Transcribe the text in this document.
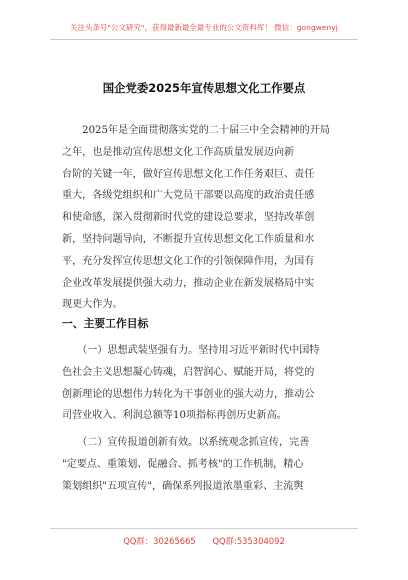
关注头条号"公文研究"，获得最新最全最专业的公文资料库！ 微信：gongwenyj
国企党委2025年宣传思想文化工作要点
　　2025年是全面贯彻落实党的二十届三中全会精神的开局
之年，也是推动宣传思想文化工作高质量发展迈向新
台阶的关键一年，做好宣传思想文化工作任务艰巨、责任
重大，各级党组织和广大党员干部要以高度的政治责任感
和使命感，深入贯彻新时代党的建设总要求，坚持改革创
新，坚持问题导向，不断提升宣传思想文化工作质量和水
平，充分发挥宣传思想文化工作的引领保障作用，为国有
企业改革发展提供强大动力，推动企业在新发展格局中实
现更大作为。
一、主要工作目标
　　（一）思想武装坚强有力。坚持用习近平新时代中国特
色社会主义思想凝心铸魂，启智润心、赋能开局，将党的
创新理论的思想伟力转化为干事创业的强大动力，推动公
司营业收入、利润总额等10项指标再创历史新高。
　　（二）宣传报道创新有效。以系统观念抓宣传，完善
"定要点、重策划、促融合、抓考核"的工作机制，精心
策划组织"五项宣传"，确保系列报道浓墨重彩、主流舆
QQ群：30265665 QQ群:535304092
